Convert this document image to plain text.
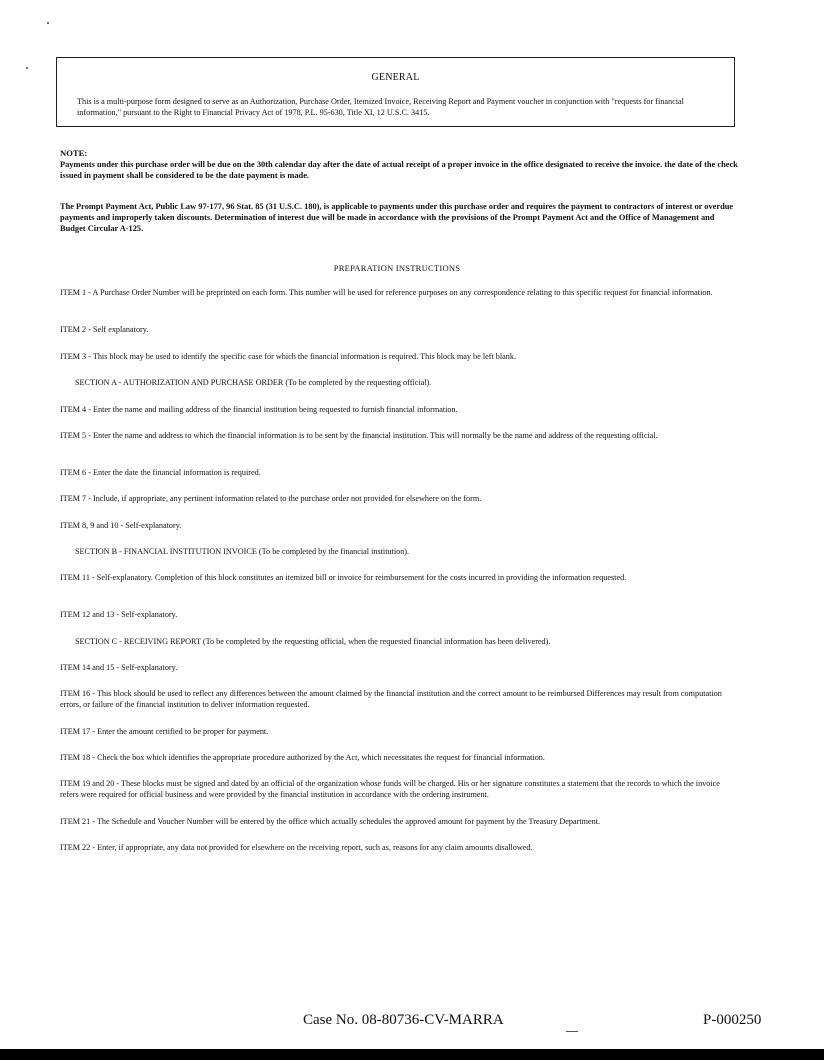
GENERAL
This is a multi-purpose form designed to serve as an Authorization, Purchase Order, Itemized Invoice, Receiving Report and Payment voucher in conjunction with "requests for financial information," pursuant to the Right to Financial Privacy Act of 1978, P.L. 95-630, Title XI, 12 U.S.C. 3415.
NOTE:
Payments under this purchase order will be due on the 30th calendar day after the date of actual receipt of a proper invoice in the office designated to receive the invoice. the date of the check issued in payment shall be considered to be the date payment is made.
The Prompt Payment Act, Public Law 97-177, 96 Stat. 85 (31 U.S.C. 180), is applicable to payments under this purchase order and requires the payment to contractors of interest or overdue payments and improperly taken discounts. Determination of interest due will be made in accordance with the provisions of the Prompt Payment Act and the Office of Management and Budget Circular A-125.
PREPARATION INSTRUCTIONS
ITEM 1 - A Purchase Order Number will be preprinted on each form. This number will be used for reference purposes on any correspondence relating to this specific request for financial information.
ITEM 2 - Self explanatory.
ITEM 3 - This block may be used to identify the specific case for which the financial information is required. This block may be left blank.
SECTION A - AUTHORIZATION AND PURCHASE ORDER (To be completed by the requesting official).
ITEM 4 - Enter the name and mailing address of the financial institution being requested to furnish financial information.
ITEM 5 - Enter the name and address to which the financial information is to be sent by the financial institution. This will normally be the name and address of the requesting official.
ITEM 6 - Enter the date the financial information is required.
ITEM 7 - Include, if appropriate, any pertinent information related to the purchase order not provided for elsewhere on the form.
ITEM 8, 9 and 10 - Self-explanatory.
SECTION B - FINANCIAL INSTITUTION INVOICE (To be completed by the financial institution).
ITEM 11 - Self-explanatory. Completion of this block constitutes an itemized bill or invoice for reimbursement for the costs incurred in providing the information requested.
ITEM 12 and 13 - Self-explanatory.
SECTION C - RECEIVING REPORT (To be completed by the requesting official, when the requested financial information has been delivered).
ITEM 14 and 15 - Self-explanatory.
ITEM 16 - This block should be used to reflect any differences between the amount claimed by the financial institution and the correct amount to be reimbursed Differences may result from computation errors, or failure of the financial institution to deliver information requested.
ITEM 17 - Enter the amount certified to be proper for payment.
ITEM 18 - Check the box which identifies the appropriate procedure authorized by the Act, which necessitates the request for financial information.
ITEM 19 and 20 - These blocks must be signed and dated by an official of the organization whose funds will be charged. His or her signature constitutes a statement that the records to which the invoice refers were required for official business and were provided by the financial institution in accordance with the ordering instrument.
ITEM 21 - The Schedule and Voucher Number will be entered by the office which actually schedules the approved amount for payment by the Treasury Department.
ITEM 22 - Enter, if appropriate, any data not provided for elsewhere on the receiving report, such as, reasons for any claim amounts disallowed.
Case No. 08-80736-CV-MARRA	P-000250
